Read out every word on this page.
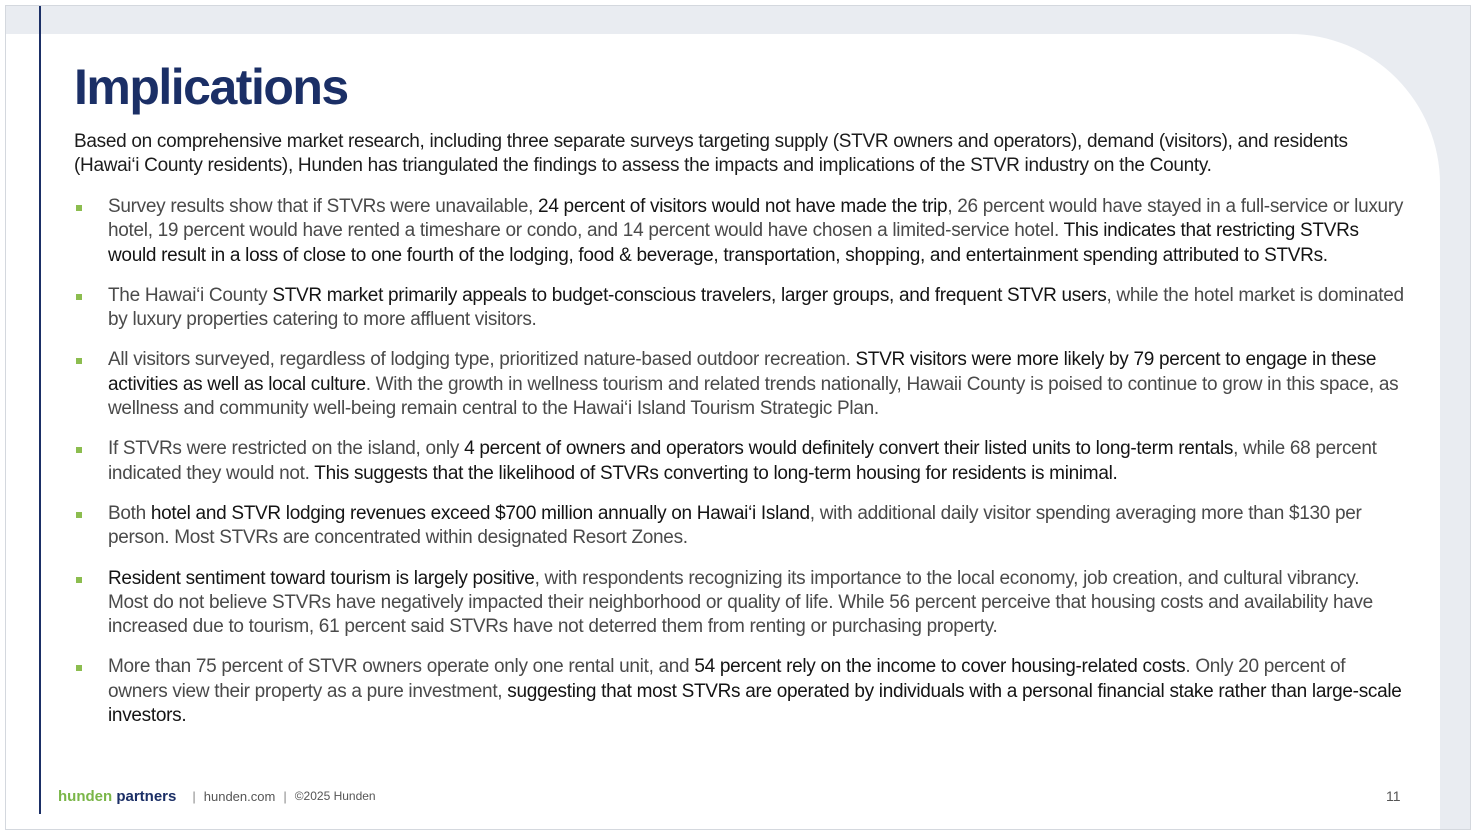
Implications

Based on comprehensive market research, including three separate surveys targeting supply (STVR owners and operators), demand (visitors), and residents (Hawai‘i County residents), Hunden has triangulated the findings to assess the impacts and implications of the STVR industry on the County.

Survey results show that if STVRs were unavailable, 24 percent of visitors would not have made the trip, 26 percent would have stayed in a full-service or luxury hotel, 19 percent would have rented a timeshare or condo, and 14 percent would have chosen a limited-service hotel. This indicates that restricting STVRs would result in a loss of close to one fourth of the lodging, food & beverage, transportation, shopping, and entertainment spending attributed to STVRs.
The Hawai‘i County STVR market primarily appeals to budget-conscious travelers, larger groups, and frequent STVR users, while the hotel market is dominated by luxury properties catering to more affluent visitors.
All visitors surveyed, regardless of lodging type, prioritized nature-based outdoor recreation. STVR visitors were more likely by 79 percent to engage in these activities as well as local culture. With the growth in wellness tourism and related trends nationally, Hawaii County is poised to continue to grow in this space, as wellness and community well-being remain central to the Hawai‘i Island Tourism Strategic Plan.
If STVRs were restricted on the island, only 4 percent of owners and operators would definitely convert their listed units to long-term rentals, while 68 percent indicated they would not. This suggests that the likelihood of STVRs converting to long-term housing for residents is minimal.
Both hotel and STVR lodging revenues exceed $700 million annually on Hawai‘i Island, with additional daily visitor spending averaging more than $130 per person. Most STVRs are concentrated within designated Resort Zones.
Resident sentiment toward tourism is largely positive, with respondents recognizing its importance to the local economy, job creation, and cultural vibrancy. Most do not believe STVRs have negatively impacted their neighborhood or quality of life. While 56 percent perceive that housing costs and availability have increased due to tourism, 61 percent said STVRs have not deterred them from renting or purchasing property.
More than 75 percent of STVR owners operate only one rental unit, and 54 percent rely on the income to cover housing-related costs. Only 20 percent of owners view their property as a pure investment, suggesting that most STVRs are operated by individuals with a personal financial stake rather than large-scale investors.
hunden partners | hunden.com | ©2025 Hunden	11
